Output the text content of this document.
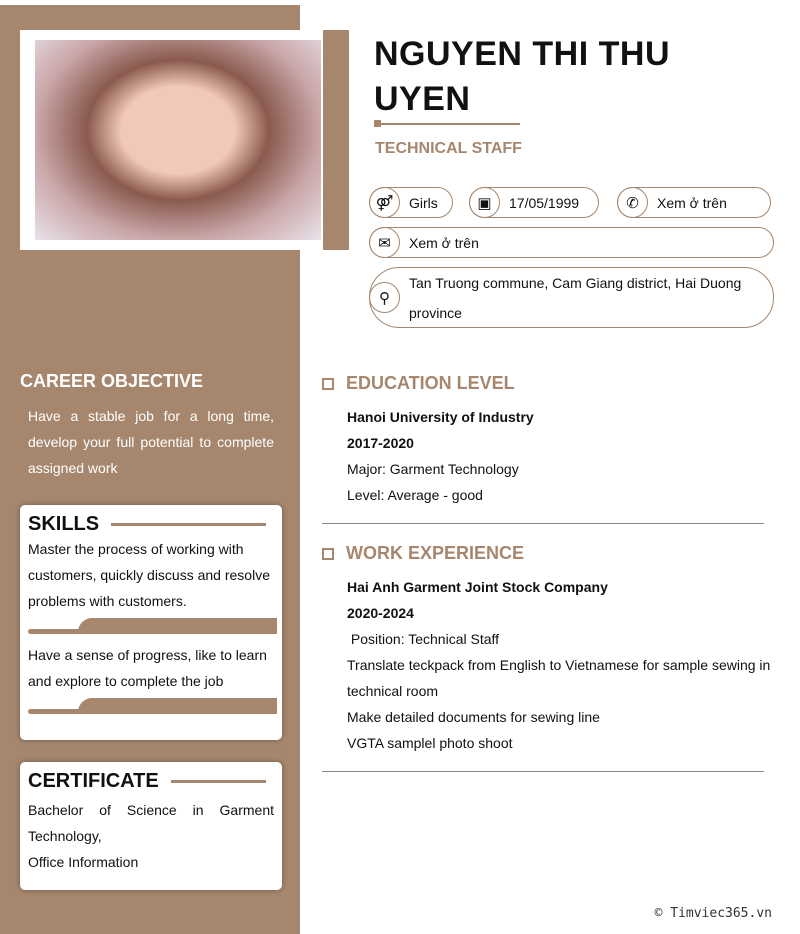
NGUYEN THI THU UYEN
TECHNICAL STAFF
⚤	Girls	▣	17/05/1999	✆	Xem ở trên
✉	Xem ở trên
⚲
Tan Truong commune, Cam Giang district, Hai Duong province
CAREER OBJECTIVE
Have a stable job for a long time, develop your full potential to complete assigned work
SKILLS

Master the process of working with customers, quickly discuss and resolve problems with customers.

Have a sense of progress, like to learn and explore to complete the job

CERTIFICATE

Bachelor of Science in Garment Technology,

Office Information

EDUCATION LEVEL
Hanoi University of Industry
2017-2020
Major: Garment Technology
Level: Average - good
WORK EXPERIENCE
Hai Anh Garment Joint Stock Company
2020-2024
Position: Technical Staff
Translate teckpack from English to Vietnamese for sample sewing in technical room
Make detailed documents for sewing line
VGTA samplel photo shoot
© Timviec365.vn
